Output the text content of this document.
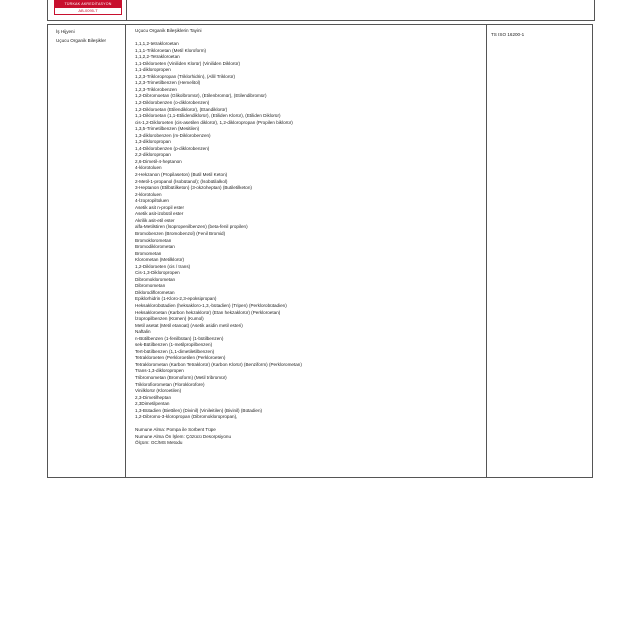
TÜRKAK AKREDİTASYON
AB-0095-T
İş Hijyeni
Uçucu Organik Bileşikler
Uçucu Organik Bileşiklerin Tayini
1,1,1,2-tetrakloroetan
1,1,1-Trikloroetan (Metil Kloroform)
1,1,2,2-Tetrakloroetan
1,1-Dikloroeten (Viniliden Klorür) (Viniliden Diklorür)
1,1-dikloropropen
1,2,3-Trikloropropan (Triklorhidrin), (Allil Triklorür)
1,2,3-Trimetilbenzen (Hemelitol)
1,2,3-Triklorobenzen
1,2-Dibromoetan (Glikolbromür), (Etilenbromür), (Etilendibromür)
1,2-Diklorobenzen (o-diklorobenzen)
1,2-Dikloroetan (Etilendiklorür), (Etandiklorür)
1,1-Dikloroetan (1,1-Etilidendiklorür), (Etiliden Klorür), (Etiliden Diklorür)
cis-1,2-Dikloroeten (cis-asetilen diklorür), 1,2-dikloropropan (Propilen biklorür)
1,3,5-Trimetilbenzen (Mesitilen)
1,3-diklorobenzen (m-Diklorobenzen)
1,3-dikloropropan
1,4-Diklorobenzen (p-diklorobenzen)
2,2-dikloropropan
2,6-Dimetil-4-heptanon
4-klorotoluen
2-Hekzanon (Propilaseton) (Butil Metil Keton)
2-Metil-1-propanol (İsobütanol); (İsobütilalkol)
3-Heptanon (Etilbütilketon) (3-okzoheptan) (Butiletilketon)
2-klorotoluen
4-İzopropiltoluen
Asetik asit n-propil ester
Asetik asit-izobütil ester
Akrilik asit-etil ester
alfa-Metilstiren (İsopropenilbenzen) (beta-fenil propilen)
Bromobenzen (Bromobenzol) (Fenil Bromid)
Bromoklorometan
Bromodiklorometan
Bromometan
Klorometan (Metilklorür)
1,2-Dikloroeten (cis / trans)
Cis-1,3-Dikloropropen
Dibromoklorometan
Dibromometan
Diklorodiflorometan
Epiklorhidrin (1-Kloro-2,3-epoksipropan)
Heksaklorobütadien (heksakloro-1,3,-bütadien) (Tripen) (Perklorobütadien)
Heksakloroetan (Karbon hekzaklorür) (Etan hekzaklorür) (Perkloroetan)
İzopropilbenzen (Kümen) (Kumol)
Metil asetat (Metil etanoat) (Asetik asidin metil esteri)
Naftalin
n-Bütilbenzen (1-fenilbütan) (1-bütilbenzen)
sek-Bütilbenzen (1-metilpropilbenzen)
Tert-bütilbenzen (1,1-dimetiletilbenzen)
Tetrakloroeten (Perkloroetilen (Perkloroeten)
Tetraklorometan (Karbon Tetraklorür) (Karbon Klorür) (Benziform) (Perklorometan)
Trans-1,3-dikloropropen
Tribromometan (Bromoform) (Metil tribromür)
Triklorofiorometan (Floroklorofore)
Vinilklorür (Kloroetilen)
2,3-Dimetilheptan
2,3Dimetilpentan
1,3-Bütadien (Biettilen) (Divinil) (Vinileitilen) (Bivinil) (Bütadien)
1,2-Dibromo-3-kloropropan (Dibromokloropropan),
Numune Alma: Pompa ile Sorbent Tüpe
Numune Alma Ön İşlem: Çözücü Desorpsiyonu
Ölçüm: GC/MS Metodu
TS ISO 16200-1
